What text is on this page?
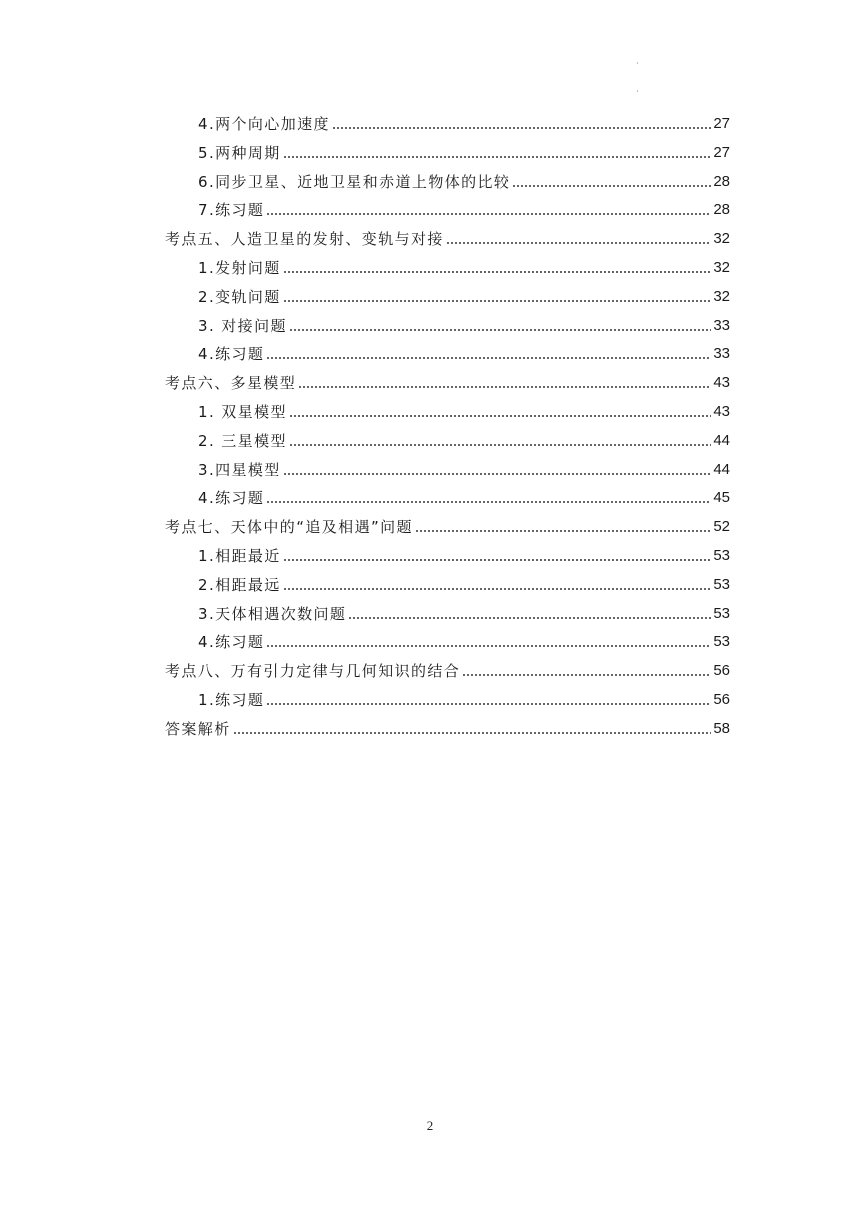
·
·
4.两个向心加速度	27
5.两种周期	27
6.同步卫星、近地卫星和赤道上物体的比较	28
7.练习题	28
考点五、人造卫星的发射、变轨与对接	32
1.发射问题	32
2.变轨问题	32
3. 对接问题	33
4.练习题	33
考点六、多星模型	43
1. 双星模型	43
2. 三星模型	44
3.四星模型	44
4.练习题	45
考点七、天体中的“追及相遇”问题	52
1.相距最近	53
2.相距最远	53
3.天体相遇次数问题	53
4.练习题	53
考点八、万有引力定律与几何知识的结合	56
1.练习题	56
答案解析	58
2
